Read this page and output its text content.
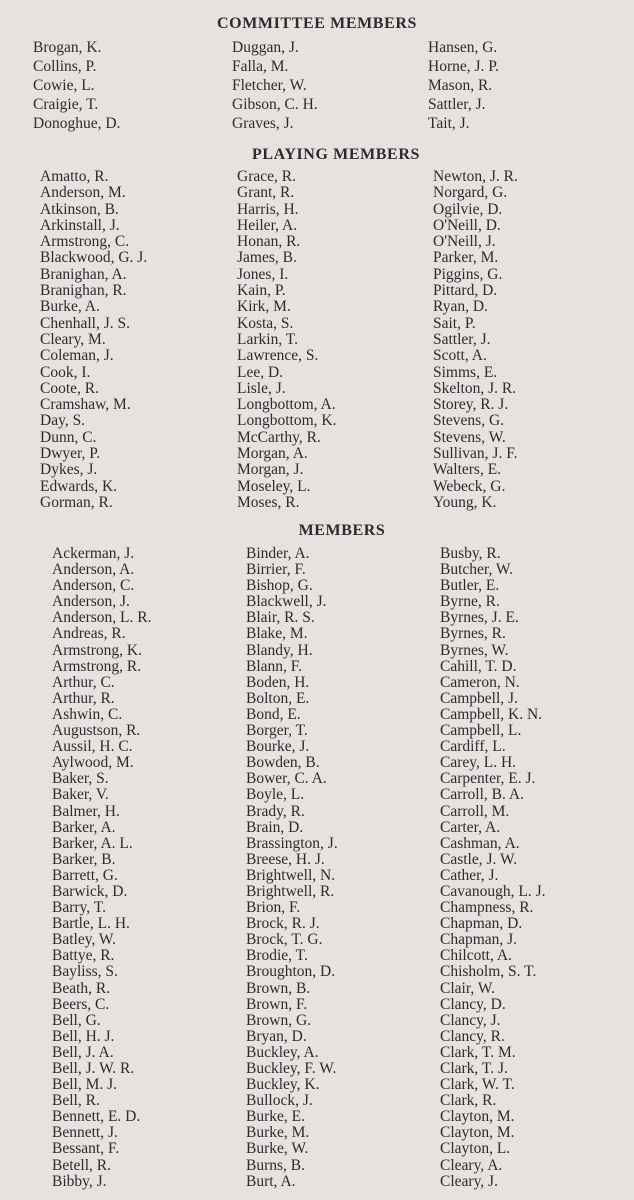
COMMITTEE MEMBERS
Brogan, K.
Collins, P.
Cowie, L.
Craigie, T.
Donoghue, D.
Duggan, J.
Falla, M.
Fletcher, W.
Gibson, C. H.
Graves, J.
Hansen, G.
Horne, J. P.
Mason, R.
Sattler, J.
Tait, J.
PLAYING MEMBERS
Amatto, R.
Anderson, M.
Atkinson, B.
Arkinstall, J.
Armstrong, C.
Blackwood, G. J.
Branighan, A.
Branighan, R.
Burke, A.
Chenhall, J. S.
Cleary, M.
Coleman, J.
Cook, I.
Coote, R.
Cramshaw, M.
Day, S.
Dunn, C.
Dwyer, P.
Dykes, J.
Edwards, K.
Gorman, R.
Grace, R.
Grant, R.
Harris, H.
Heiler, A.
Honan, R.
James, B.
Jones, I.
Kain, P.
Kirk, M.
Kosta, S.
Larkin, T.
Lawrence, S.
Lee, D.
Lisle, J.
Longbottom, A.
Longbottom, K.
McCarthy, R.
Morgan, A.
Morgan, J.
Moseley, L.
Moses, R.
Newton, J. R.
Norgard, G.
Ogilvie, D.
O'Neill, D.
O'Neill, J.
Parker, M.
Piggins, G.
Pittard, D.
Ryan, D.
Sait, P.
Sattler, J.
Scott, A.
Simms, E.
Skelton, J. R.
Storey, R. J.
Stevens, G.
Stevens, W.
Sullivan, J. F.
Walters, E.
Webeck, G.
Young, K.
MEMBERS
Ackerman, J.
Anderson, A.
Anderson, C.
Anderson, J.
Anderson, L. R.
Andreas, R.
Armstrong, K.
Armstrong, R.
Arthur, C.
Arthur, R.
Ashwin, C.
Augustson, R.
Aussil, H. C.
Aylwood, M.
Baker, S.
Baker, V.
Balmer, H.
Barker, A.
Barker, A. L.
Barker, B.
Barrett, G.
Barwick, D.
Barry, T.
Bartle, L. H.
Batley, W.
Battye, R.
Bayliss, S.
Beath, R.
Beers, C.
Bell, G.
Bell, H. J.
Bell, J. A.
Bell, J. W. R.
Bell, M. J.
Bell, R.
Bennett, E. D.
Bennett, J.
Bessant, F.
Betell, R.
Bibby, J.
Binder, A.
Birrier, F.
Bishop, G.
Blackwell, J.
Blair, R. S.
Blake, M.
Blandy, H.
Blann, F.
Boden, H.
Bolton, E.
Bond, E.
Borger, T.
Bourke, J.
Bowden, B.
Bower, C. A.
Boyle, L.
Brady, R.
Brain, D.
Brassington, J.
Breese, H. J.
Brightwell, N.
Brightwell, R.
Brion, F.
Brock, R. J.
Brock, T. G.
Brodie, T.
Broughton, D.
Brown, B.
Brown, F.
Brown, G.
Bryan, D.
Buckley, A.
Buckley, F. W.
Buckley, K.
Bullock, J.
Burke, E.
Burke, M.
Burke, W.
Burns, B.
Burt, A.
Busby, R.
Butcher, W.
Butler, E.
Byrne, R.
Byrnes, J. E.
Byrnes, R.
Byrnes, W.
Cahill, T. D.
Cameron, N.
Campbell, J.
Campbell, K. N.
Campbell, L.
Cardiff, L.
Carey, L. H.
Carpenter, E. J.
Carroll, B. A.
Carroll, M.
Carter, A.
Cashman, A.
Castle, J. W.
Cather, J.
Cavanough, L. J.
Champness, R.
Chapman, D.
Chapman, J.
Chilcott, A.
Chisholm, S. T.
Clair, W.
Clancy, D.
Clancy, J.
Clancy, R.
Clark, T. M.
Clark, T. J.
Clark, W. T.
Clark, R.
Clayton, M.
Clayton, M.
Clayton, L.
Cleary, A.
Cleary, J.
